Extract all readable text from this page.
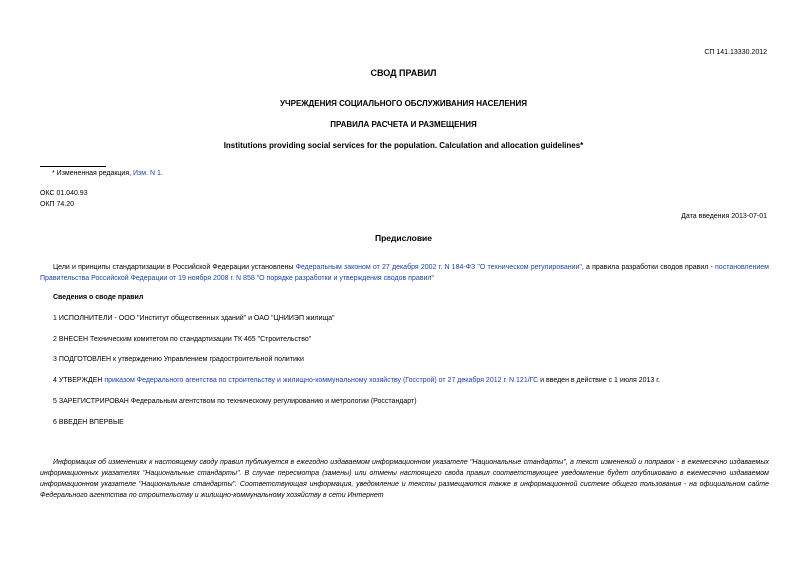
СП 141.13330.2012
СВОД ПРАВИЛ
УЧРЕЖДЕНИЯ СОЦИАЛЬНОГО ОБСЛУЖИВАНИЯ НАСЕЛЕНИЯ
ПРАВИЛА РАСЧЕТА И РАЗМЕЩЕНИЯ
Institutions providing social services for the population. Calculation and allocation guidelines*
* Измененная редакция, Изм. N 1.
ОКС 01.040.93
ОКП 74.20
Дата введения 2013-07-01
Предисловие
Цели и принципы стандартизации в Российской Федерации установлены Федеральным законом от 27 декабря 2002 г. N 184-ФЗ "О техническом регулировании", а правила разработки сводов правил - постановлением Правительства Российской Федерации от 19 ноября 2008 г. N 858 "О порядке разработки и утверждения сводов правил"
Сведения о своде правил
1 ИСПОЛНИТЕЛИ - ООО "Институт общественных зданий" и ОАО "ЦНИИЭП жилища"
2 ВНЕСЕН Техническим комитетом по стандартизации ТК 465 "Строительство"
3 ПОДГОТОВЛЕН к утверждению Управлением градостроительной политики
4 УТВЕРЖДЕН приказом Федерального агентства по строительству и жилищно-коммунальному хозяйству (Госстрой) от 27 декабря 2012 г. N 121/ГС и введен в действие с 1 июля 2013 г.
5 ЗАРЕГИСТРИРОВАН Федеральным агентством по техническому регулированию и метрологии (Росстандарт)
6 ВВЕДЕН ВПЕРВЫЕ
Информация об изменениях к настоящему своду правил публикуется в ежегодно издаваемом информационном указателе "Национальные стандарты", а текст изменений и поправок - в ежемесячно издаваемых информационных указателях "Национальные стандарты". В случае пересмотра (замены) или отмены настоящего свода правил соответствующее уведомление будет опубликовано в ежемесячно издаваемом информационном указателе "Национальные стандарты". Соответствующая информация, уведомление и тексты размещаются также в информационной системе общего пользования - на официальном сайте Федерального агентства по строительству и жилищно-коммунальному хозяйству в сети Интернет
